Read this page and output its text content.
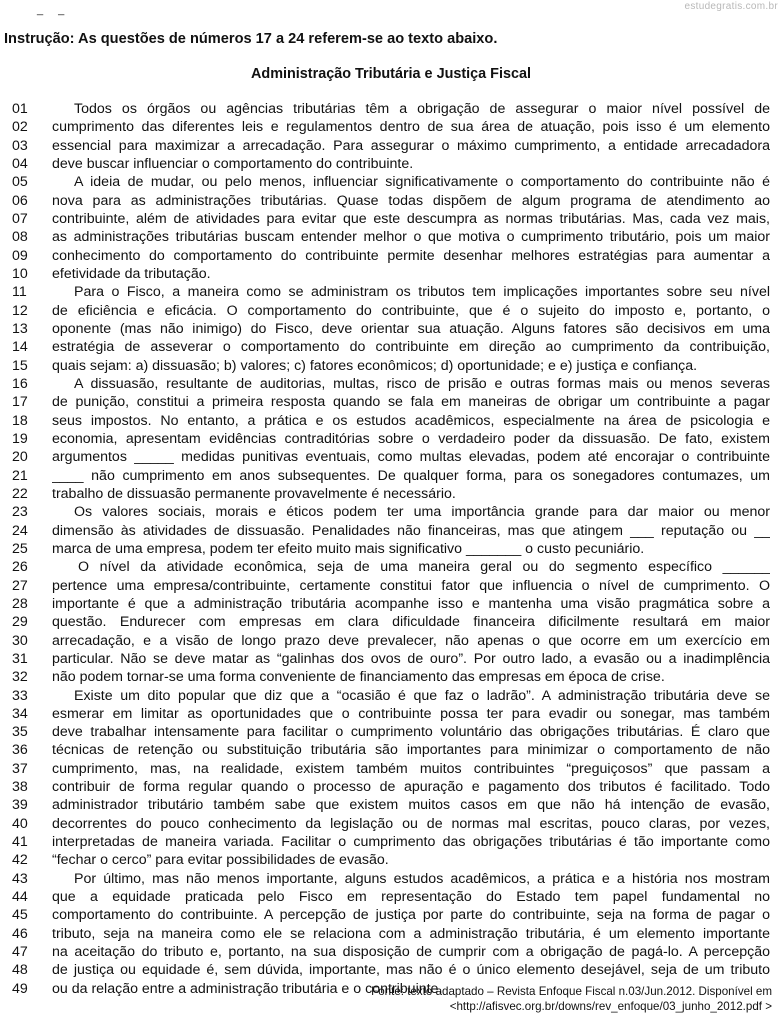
estudegratis.com.br
_ _
Instrução: As questões de números 17 a 24 referem-se ao texto abaixo.
Administração Tributária e Justiça Fiscal
01	Todos os órgãos ou agências tributárias têm a obrigação de assegurar o maior nível possível de
02 cumprimento das diferentes leis e regulamentos dentro de sua área de atuação, pois isso é um elemento
03 essencial para maximizar a arrecadação. Para assegurar o máximo cumprimento, a entidade arrecadadora
04 deve buscar influenciar o comportamento do contribuinte.
05	A ideia de mudar, ou pelo menos, influenciar significativamente o comportamento do contribuinte não é
06 nova para as administrações tributárias. Quase todas dispõem de algum programa de atendimento ao
07 contribuinte, além de atividades para evitar que este descumpra as normas tributárias. Mas, cada vez mais,
08 as administrações tributárias buscam entender melhor o que motiva o cumprimento tributário, pois um maior
09 conhecimento do comportamento do contribuinte permite desenhar melhores estratégias para aumentar a
10 efetividade da tributação.
11	Para o Fisco, a maneira como se administram os tributos tem implicações importantes sobre seu nível
12 de eficiência e eficácia. O comportamento do contribuinte, que é o sujeito do imposto e, portanto, o
13 oponente (mas não inimigo) do Fisco, deve orientar sua atuação. Alguns fatores são decisivos em uma
14 estratégia de asseverar o comportamento do contribuinte em direção ao cumprimento da contribuição,
15 quais sejam: a) dissuasão; b) valores; c) fatores econômicos; d) oportunidade; e e) justiça e confiança.
16	A dissuasão, resultante de auditorias, multas, risco de prisão e outras formas mais ou menos severas
17 de punição, constitui a primeira resposta quando se fala em maneiras de obrigar um contribuinte a pagar
18 seus impostos. No entanto, a prática e os estudos acadêmicos, especialmente na área de psicologia e
19 economia, apresentam evidências contraditórias sobre o verdadeiro poder da dissuasão. De fato, existem
20 argumentos _____ medidas punitivas eventuais, como multas elevadas, podem até encorajar o contribuinte
21 ____ não cumprimento em anos subsequentes. De qualquer forma, para os sonegadores contumazes, um
22 trabalho de dissuasão permanente provavelmente é necessário.
23	Os valores sociais, morais e éticos podem ter uma importância grande para dar maior ou menor
24 dimensão às atividades de dissuasão. Penalidades não financeiras, mas que atingem ___ reputação ou __
25 marca de uma empresa, podem ter efeito muito mais significativo _______ o custo pecuniário.
26	O nível da atividade econômica, seja de uma maneira geral ou do segmento específico ______
27 pertence uma empresa/contribuinte, certamente constitui fator que influencia o nível de cumprimento. O
28 importante é que a administração tributária acompanhe isso e mantenha uma visão pragmática sobre a
29 questão. Endurecer com empresas em clara dificuldade financeira dificilmente resultará em maior
30 arrecadação, e a visão de longo prazo deve prevalecer, não apenas o que ocorre em um exercício em
31 particular. Não se deve matar as “galinhas dos ovos de ouro”. Por outro lado, a evasão ou a inadimplência
32 não podem tornar-se uma forma conveniente de financiamento das empresas em época de crise.
33	Existe um dito popular que diz que a “ocasião é que faz o ladrão”. A administração tributária deve se
34 esmerar em limitar as oportunidades que o contribuinte possa ter para evadir ou sonegar, mas também
35 deve trabalhar intensamente para facilitar o cumprimento voluntário das obrigações tributárias. É claro que
36 técnicas de retenção ou substituição tributária são importantes para minimizar o comportamento de não
37 cumprimento, mas, na realidade, existem também muitos contribuintes “preguiçosos” que passam a
38 contribuir de forma regular quando o processo de apuração e pagamento dos tributos é facilitado. Todo
39 administrador tributário também sabe que existem muitos casos em que não há intenção de evasão,
40 decorrentes do pouco conhecimento da legislação ou de normas mal escritas, pouco claras, por vezes,
41 interpretadas de maneira variada. Facilitar o cumprimento das obrigações tributárias é tão importante como
42 “fechar o cerco” para evitar possibilidades de evasão.
43	Por último, mas não menos importante, alguns estudos acadêmicos, a prática e a história nos mostram
44 que a equidade praticada pelo Fisco em representação do Estado tem papel fundamental no
45 comportamento do contribuinte. A percepção de justiça por parte do contribuinte, seja na forma de pagar o
46 tributo, seja na maneira como ele se relaciona com a administração tributária, é um elemento importante
47 na aceitação do tributo e, portanto, na sua disposição de cumprir com a obrigação de pagá-lo. A percepção
48 de justiça ou equidade é, sem dúvida, importante, mas não é o único elemento desejável, seja de um tributo
49 ou da relação entre a administração tributária e o contribuinte.
Fonte: texto adaptado – Revista Enfoque Fiscal n.03/Jun.2012. Disponível em
<http://afisvec.org.br/downs/rev_enfoque/03_junho_2012.pdf >
